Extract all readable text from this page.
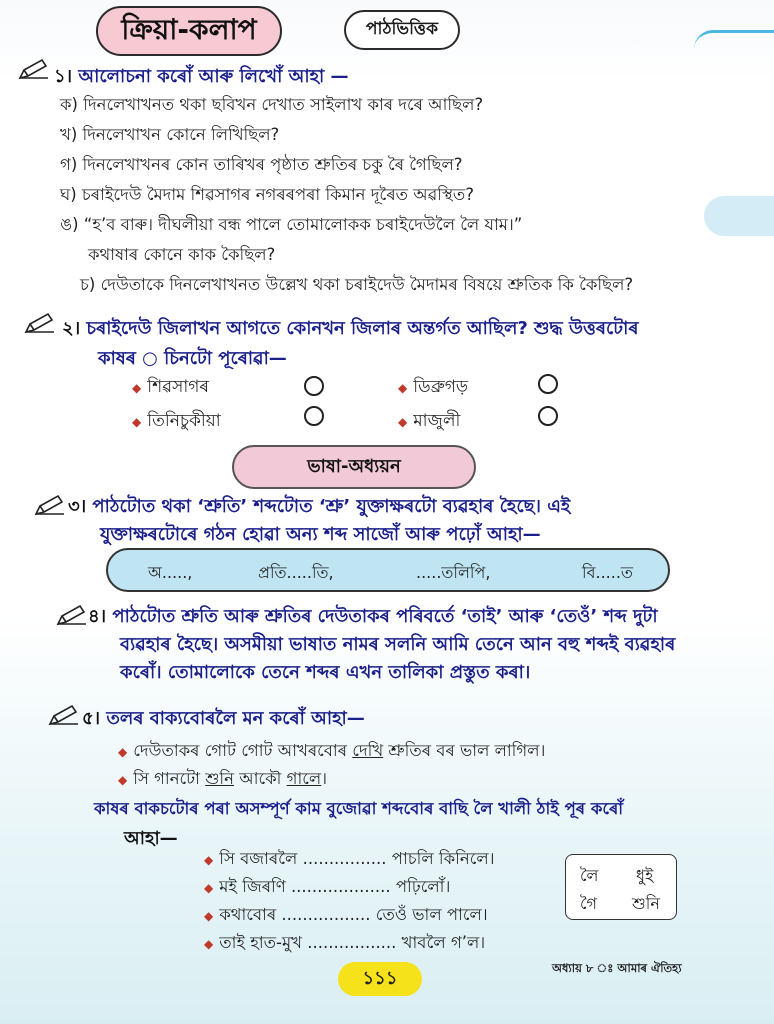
ক্রিয়া-কলাপ	পাঠভিত্তিক
১। আলোচনা কৰোঁ আৰু লিখোঁ আহা —
ক) দিনলেখাখনত থকা ছবিখন দেখাত সাইলাখ কাৰ দৰে আছিল?
খ) দিনলেখাখন কোনে লিখিছিল?
গ) দিনলেখাখনৰ কোন তাৰিখৰ পৃষ্ঠাত শ্ৰুতিৰ চকু ৰৈ গৈছিল?
ঘ) চৰাইদেউ মৈদাম শিৱসাগৰ নগৰৰপৰা কিমান দূৰৈত অৱস্থিত?
ঙ) “হ’ব বাৰু। দীঘলীয়া বন্ধ পালে তোমালোকক চৰাইদেউলৈ লৈ যাম।”
কথাষাৰ কোনে কাক কৈছিল?
চ) দেউতাকে দিনলেখাখনত উল্লেখ থকা চৰাইদেউ মৈদামৰ বিষয়ে শ্ৰুতিক কি কৈছিল?
২। চৰাইদেউ জিলাখন আগতে কোনখন জিলাৰ অন্তৰ্গত আছিল? শুদ্ধ উত্তৰটোৰ
কাষৰ ○ চিনটো পূৰোৱা—
◆ শিৱসাগৰ	◆ ডিব্ৰুগড়
◆ তিনিচুকীয়া	◆ মাজুলী
ভাষা-অধ্যয়ন
৩। পাঠটোত থকা ‘শ্ৰুতি’ শব্দটোত ‘শ্ৰু’ যুক্তাক্ষৰটো ব্যৱহাৰ হৈছে। এই
যুক্তাক্ষৰটোৰে গঠন হোৱা অন্য শব্দ সাজোঁ আৰু পঢ়োঁ আহা—
অ.....,	প্ৰতি.....তি,	.....তলিপি,	বি.....ত
৪। পাঠটোত শ্ৰুতি আৰু শ্ৰুতিৰ দেউতাকৰ পৰিবৰ্তে ‘তাই’ আৰু ‘তেওঁ’ শব্দ দুটা
ব্যৱহাৰ হৈছে। অসমীয়া ভাষাত নামৰ সলনি আমি তেনে আন বহু শব্দই ব্যৱহাৰ
কৰোঁ। তোমালোকে তেনে শব্দৰ এখন তালিকা প্ৰস্তুত কৰা।
৫। তলৰ বাক্যবোৰলৈ মন কৰোঁ আহা—
◆ দেউতাকৰ গোট গোট আখৰবোৰ দেখি শ্ৰুতিৰ বৰ ভাল লাগিল।
◆ সি গানটো শুনি আকৌ গালে।
কাষৰ বাকচটোৰ পৰা অসম্পূৰ্ণ কাম বুজোৱা শব্দবোৰ বাছি লৈ খালী ঠাই পূৰ কৰোঁ
আহা—
◆ সি বজাৰলৈ ................ পাচলি কিনিলে।
◆ মই জিৰণি ................... পঢ়িলোঁ।
◆ কথাবোৰ ................. তেওঁ ভাল পালে।
◆ তাই হাত-মুখ ................. খাবলৈ গ’ল।
লৈ ধুই
গৈ শুনি
১১১	অধ্যায় ৮ ঃ আমাৰ ঐতিহ্য
